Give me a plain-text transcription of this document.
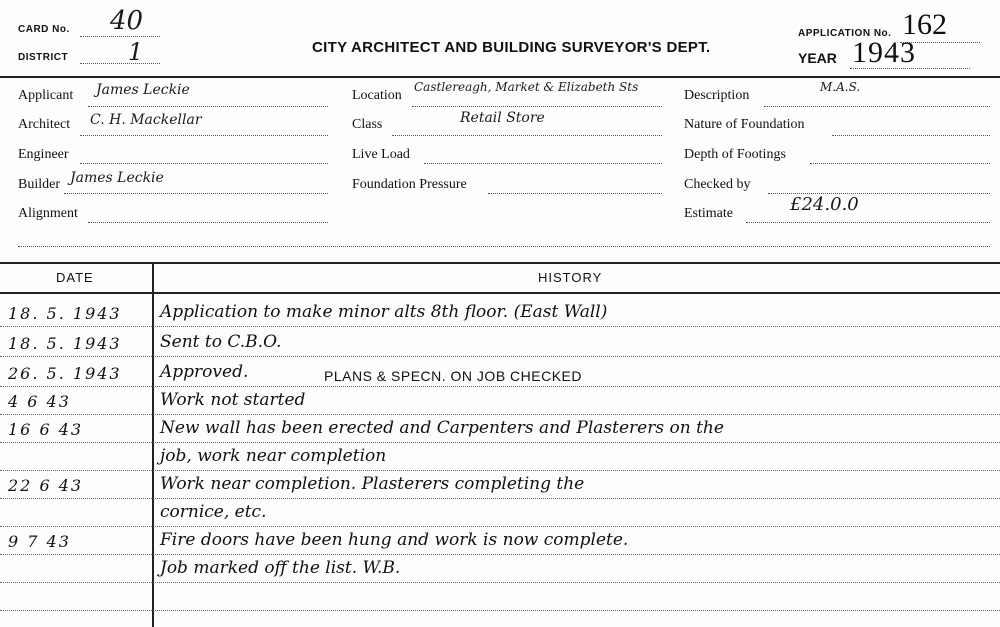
CARD No. 40
DISTRICT 1	CITY ARCHITECT AND BUILDING SURVEYOR'S DEPT.
APPLICATION No. 162
YEAR 1943
Applicant James Leckie
Architect C. H. Mackellar
Engineer
Builder James Leckie
Alignment
Location
Castlereagh, Market & Elizabeth Sts
Class	Retail Store
Live Load
Foundation Pressure
Description
M.A.S.
Nature of Foundation
Depth of Footings
Checked by
Estimate	£24.0.0
DATE	HISTORY
18. 5. 1943	Application to make minor alts 8th floor. (East Wall)
18. 5. 1943	Sent to C.B.O.
26. 5. 1943	Approved.	PLANS & SPECN. ON JOB CHECKED
4 6 43	Work not started
16 6 43	New wall has been erected and Carpenters and Plasterers on the
job, work near completion
22 6 43	Work near completion. Plasterers completing the
cornice, etc.
9 7 43	Fire doors have been hung and work is now complete.
Job marked off the list. W.B.
